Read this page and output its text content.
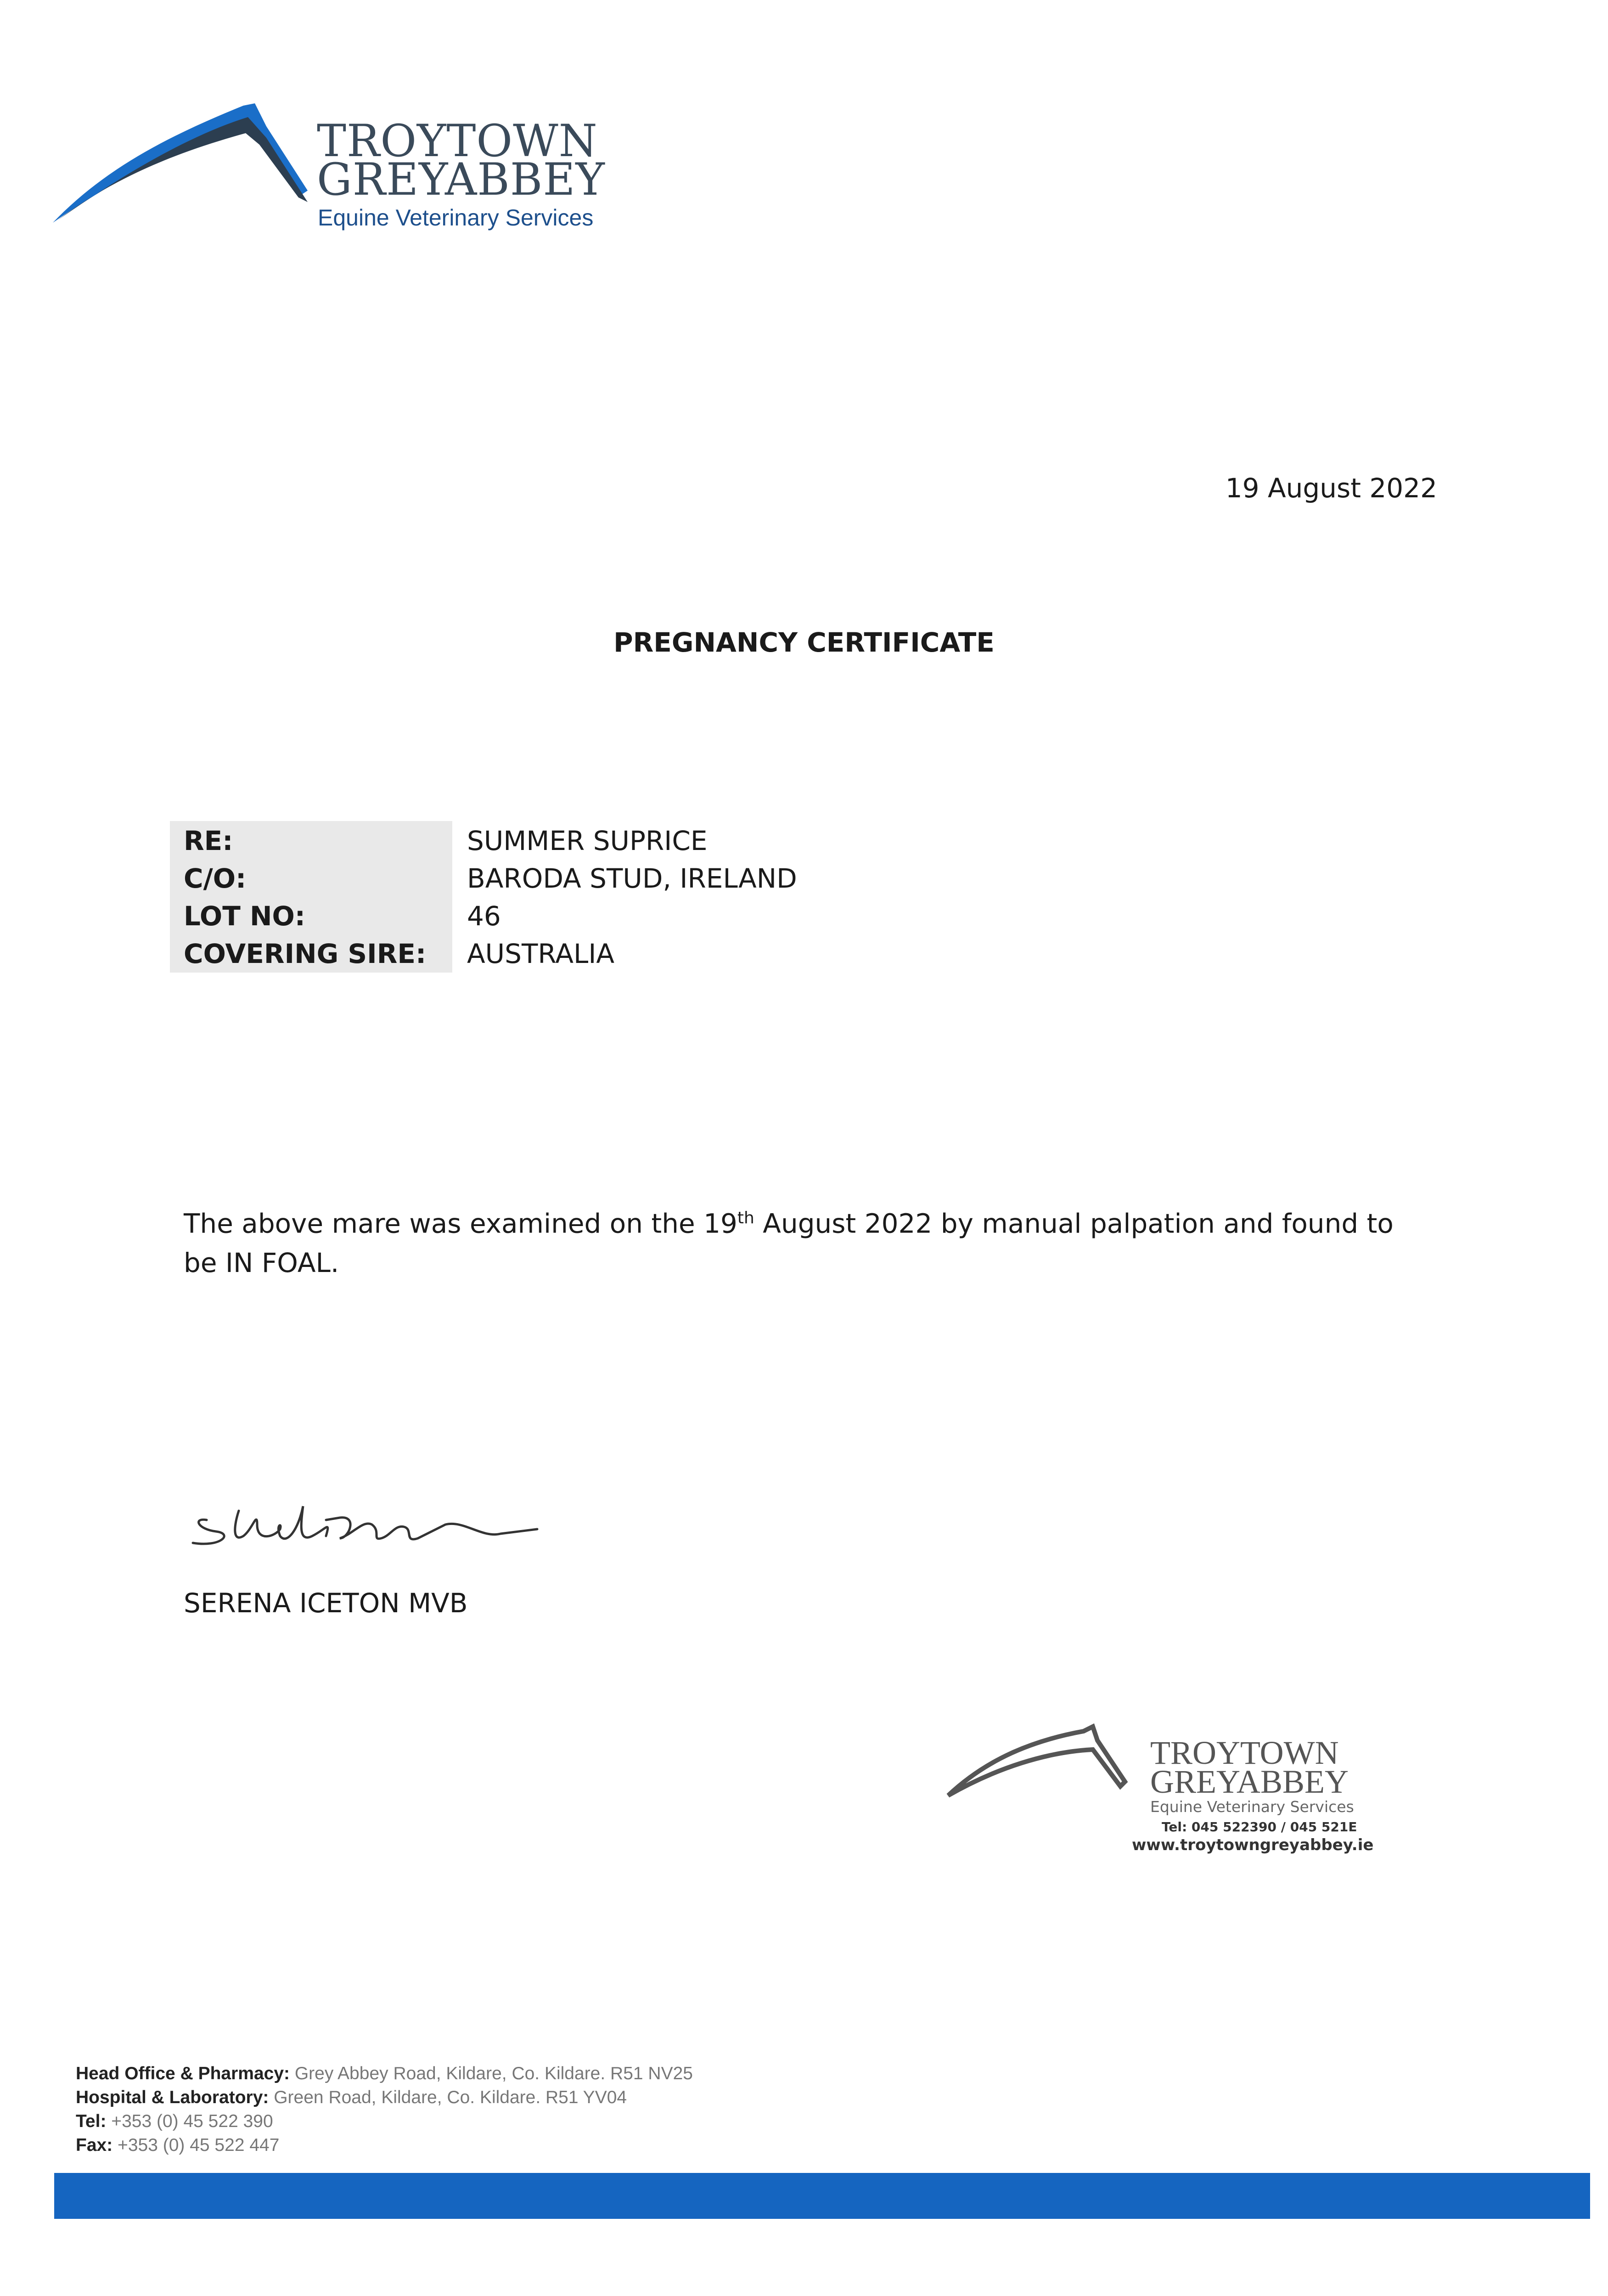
TROYTOWN
GREYABBEY
Equine Veterinary Services
19 August 2022
PREGNANCY CERTIFICATE
RE:	SUMMER SUPRICE
C/O:	BARODA STUD, IRELAND
LOT NO:	46
COVERING SIRE:	AUSTRALIA

The above mare was examined on the 19th August 2022 by manual palpation and found to be IN FOAL.

SERENA ICETON MVB
TROYTOWN
GREYABBEY
Equine Veterinary Services
Tel: 045 522390 / 045 521E
www.troytowngreyabbey.ie
Head Office & Pharmacy: Grey Abbey Road, Kildare, Co. Kildare. R51 NV25
Hospital & Laboratory: Green Road, Kildare, Co. Kildare. R51 YV04
Tel: +353 (0) 45 522 390
Fax: +353 (0) 45 522 447
